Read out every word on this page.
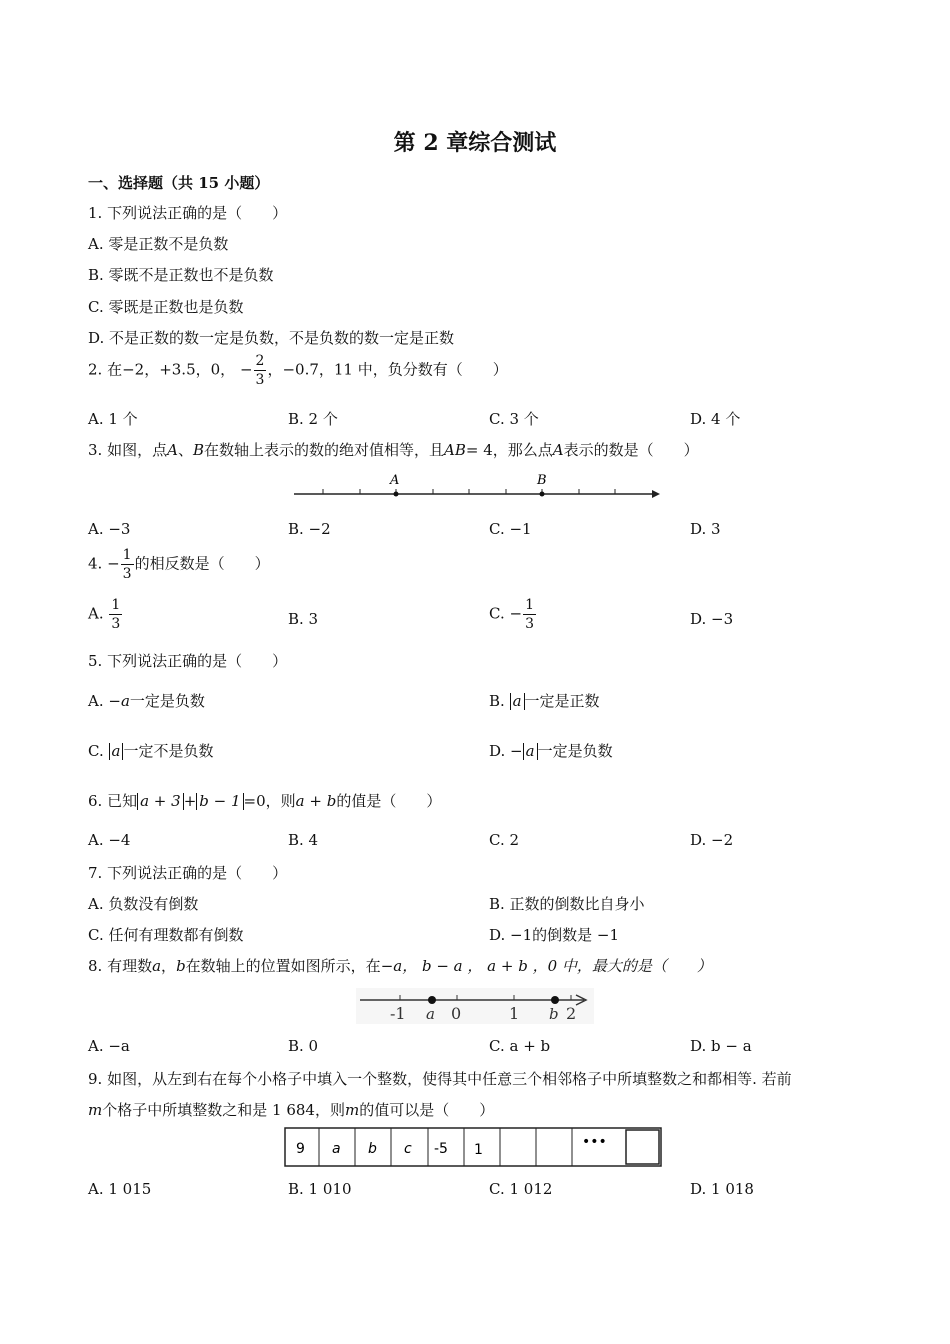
第 2 章综合测试
一、选择题（共 15 小题）
1. 下列说法正确的是（　　）
A. 零是正数不是负数
B. 零既不是正数也不是负数
C. 零既是正数也是负数
D. 不是正数的数一定是负数，不是负数的数一定是正数
2. 在−2，+3.5，0， − $\frac{2}{3}$ ，−0.7，11 中，负分数有（　　）
A. 1 个	B. 2 个	C. 3 个	D. 4 个
3. 如图，点A、B在数轴上表示的数的绝对值相等，且AB= 4，那么点A表示的数是（　　）
A	B
A. −3	B. −2	C. −1	D. 3
4. − $\frac{1}{3}$ 的相反数是（　　）
A. $\frac{1}{3}$	B. 3	C. − $\frac{1}{3}$	D. −3
5. 下列说法正确的是（　　）
A. −a一定是负数	B. a 一定是正数
C. a 一定不是负数	D. − a 一定是负数
6. 已知 a + 3 + b − 1 =0，则a + b的值是（　　）
A. −4	B. 4	C. 2	D. −2
7. 下列说法正确的是（　　）
A. 负数没有倒数	B. 正数的倒数比自身小
C. 任何有理数都有倒数	D. −1的倒数是 −1
8. 有理数a，b在数轴上的位置如图所示，在−a， b − a ， a + b ，0 中，最大的是（　　）
-1 a 0	1 b 2
A. −a	B. 0	C. a + b	D. b − a
9. 如图，从左到右在每个小格子中填入一个整数，使得其中任意三个相邻格子中所填整数之和都相等. 若前
m个格子中所填整数之和是 1 684，则m的值可以是（　　）
9 a b c -5 1	•••
A. 1 015	B. 1 010	C. 1 012	D. 1 018
